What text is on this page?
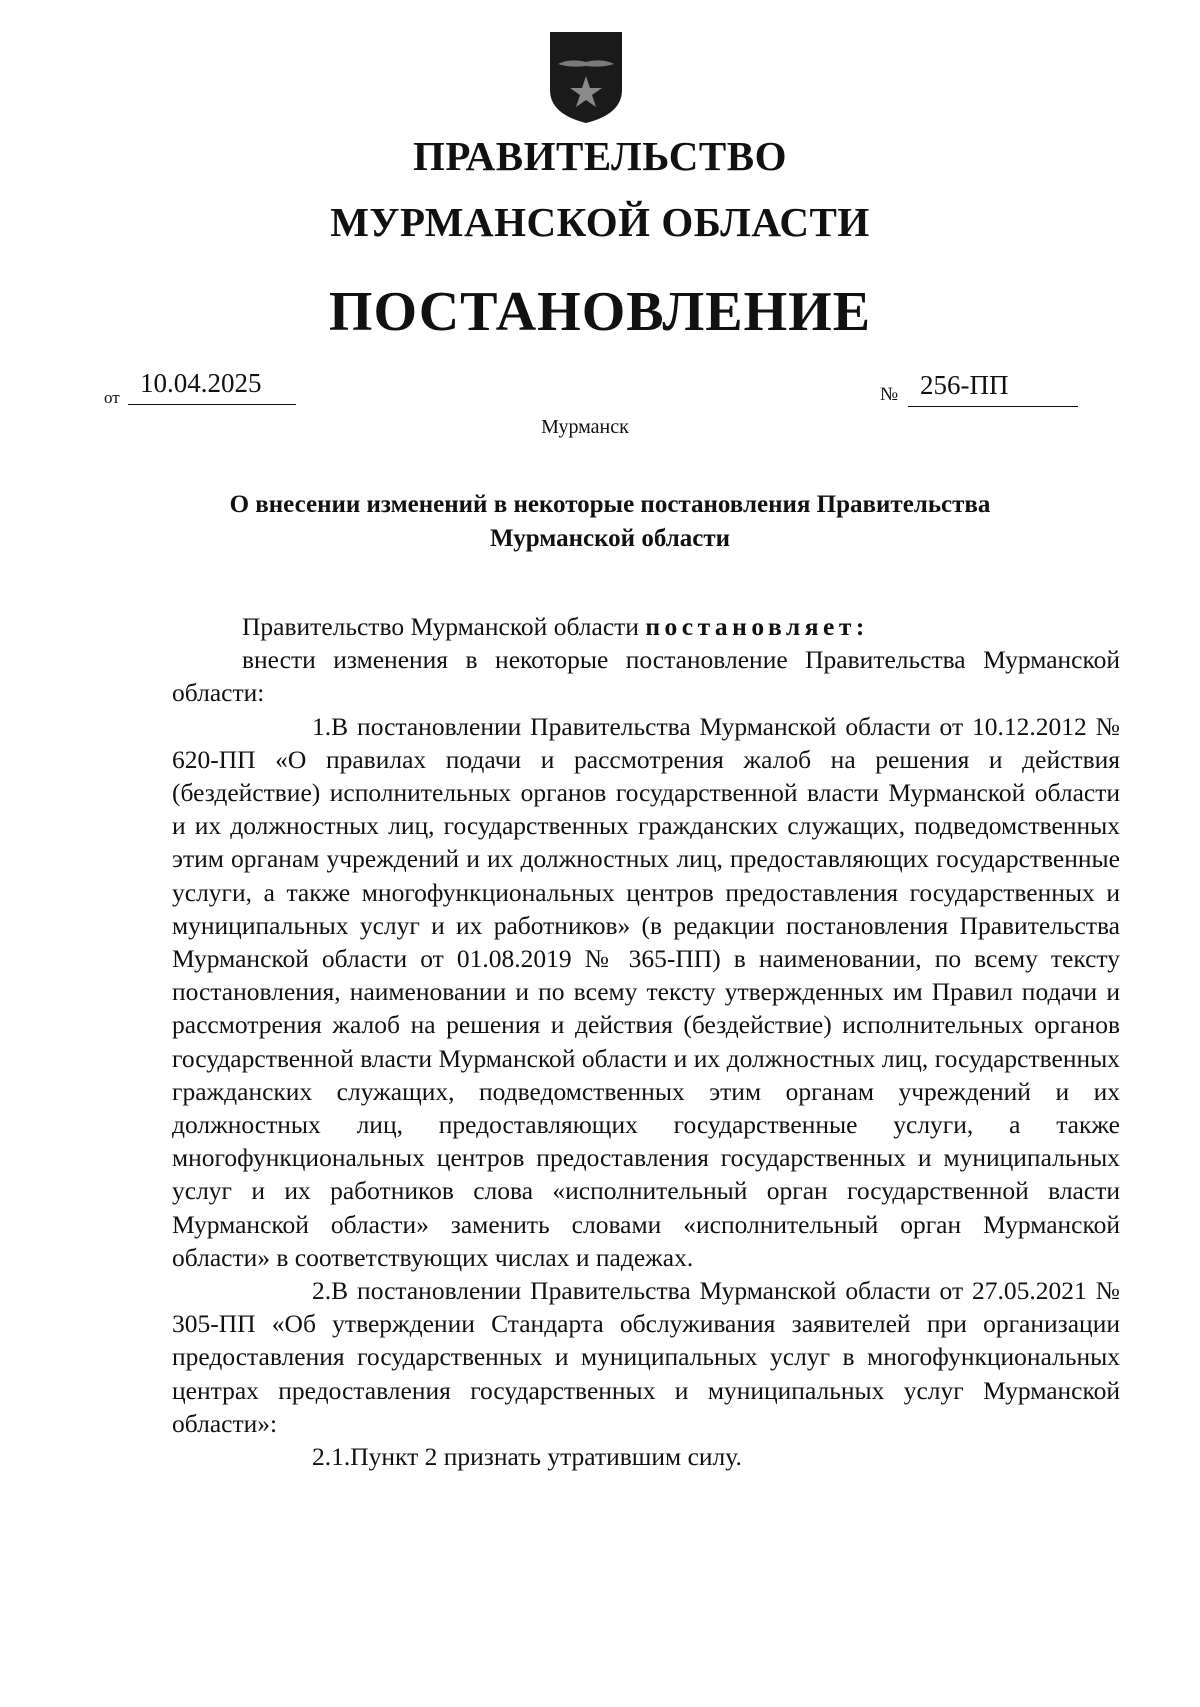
ПРАВИТЕЛЬСТВО
МУРМАНСКОЙ ОБЛАСТИ
ПОСТАНОВЛЕНИЕ
от 10.04.2025	№ 256-ПП
Мурманск
О внесении изменений в некоторые постановления Правительства
Мурманской области

Правительство Мурманской области постановляет:

внести изменения в некоторые постановление Правительства Мурманской области:

1.В постановлении Правительства Мурманской области от 10.12.2012 № 620-ПП «О правилах подачи и рассмотрения жалоб на решения и действия (бездействие) исполнительных органов государственной власти Мурманской области и их должностных лиц, государственных гражданских служащих, подведомственных этим органам учреждений и их должностных лиц, предоставляющих государственные услуги, а также многофункциональных центров предоставления государственных и муниципальных услуг и их работников» (в редакции постановления Правительства Мурманской области от 01.08.2019 № 365-ПП) в наименовании, по всему тексту постановления, наименовании и по всему тексту утвержденных им Правил подачи и рассмотрения жалоб на решения и действия (бездействие) исполнительных органов государственной власти Мурманской области и их должностных лиц, государственных гражданских служащих, подведомственных этим органам учреждений и их должностных лиц, предоставляющих государственные услуги, а также многофункциональных центров предоставления государственных и муниципальных услуг и их работников слова «исполнительный орган государственной власти Мурманской области» заменить словами «исполнительный орган Мурманской области» в соответствующих числах и падежах.

2.В постановлении Правительства Мурманской области от 27.05.2021 № 305-ПП «Об утверждении Стандарта обслуживания заявителей при организации предоставления государственных и муниципальных услуг в многофункциональных центрах предоставления государственных и муниципальных услуг Мурманской области»:

2.1.Пункт 2 признать утратившим силу.
